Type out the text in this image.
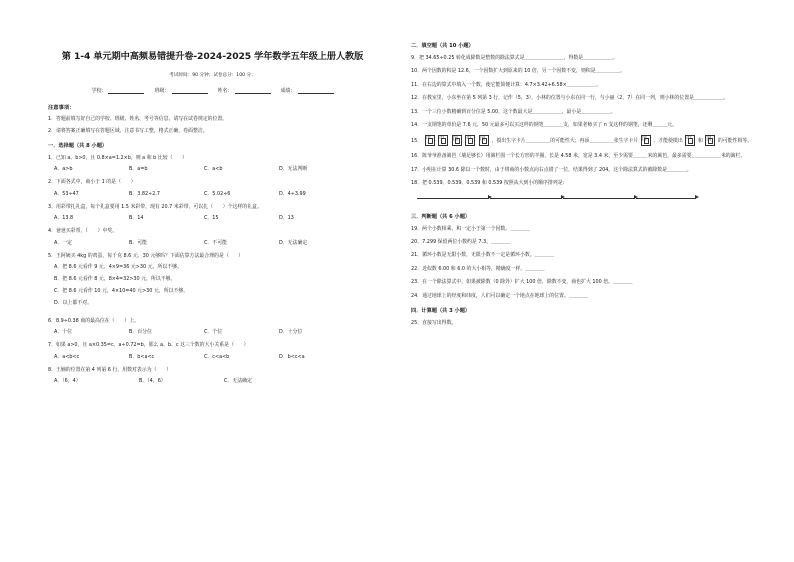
第 1-4 单元期中高频易错提升卷-2024-2025 学年数学五年级上册人教版
考试时间：90 分钟；试卷总分：100 分；
学校：	班级：	姓名：	成绩：
注意事项：
1．答题前填写好自己的学校、班级、姓名、考号等信息，请写在试卷规定的位置。
2．请将答案正确填写在答题区域，注意书写工整，格式正确，卷面整洁。
一．选择题（共 8 小题）
1．已知 a、b>0，且 0.8×a=1.2×b，则 a 和 b 比较（　　）
A．a>b	B．a=b	C．a<b	D．无法判断
2．下面各式中，商小于 1 的是（　　）
A．53÷47	B．3.82÷2.7	C．5.02÷6	D．4÷3.99
3．用彩带扎礼盒，每个礼盒要用 1.5 米彩带，现有 20.7 米彩带，可以扎（　　）个这样的礼盒。
A．13.8	B．14	C．15	D．13
4．爸爸买彩票，（　　）中奖。
A．一定	B．可能	C．不可能	D．无法确定
5．王阿姨买 4kg 的鸡蛋，每千克 8.6 元，30 元够吗？下面估算方法最合理的是（　　）
A．把 8.6 元看作 9 元，4×9=36 元>30 元，所以不够。
B．把 8.6 元看作 8 元，8×4=32>30 元，所以不够。
C．把 8.6 元看作 10 元，4×10=40 元>30 元，所以不够。
D．以上都不对。
6．8.9÷0.38 商的最高位在（　　）上。
A．十位	B．百分位	C．个位	D．十分位
7．如果 a>0，且 a×0.35=c，a÷0.72=b，那么 a、b、c 这三个数的大小关系是（　　）
A．a<b<c	B．b<a<c	C．c<a<b	D．b<c<a
8．王楠的位置在第 4 列第 6 行，用数对表示为（　　）
A．（6，4）	B．（4，6）	C．无法确定
二．填空题（共 10 小题）
9．把 34.65÷0.25 转化成除数是整数的除法算式是＿＿＿＿＿＿＿＿，得数是＿＿＿＿＿＿。
10．两个因数的积是 12.6，一个因数扩大到原来的 10 倍，另一个因数不变，则积是＿＿＿＿＿。
11．在右边的算式中填入一个数，使它能简便计算：4.7×3.42+6.58×＿＿＿＿＿＿。
12．在教室里，小东坐在第 5 列第 3 行，记作（5，3）。小林的位置与小东在同一行，与小丽（2，7）在同一列，则小林的位置是＿＿＿＿＿＿。
13．一个三位小数精确到百分位是 5.00，这个数最大是＿＿＿＿＿＿，最小是＿＿＿＿＿＿。
14．一支钢笔的单价是 7.6 元，50 元最多可以买这样的钢笔＿＿＿＿支，如果老师买了 n 支这样的钢笔，还剩＿＿＿元。
15． 中 中 国 中 国 ，摸出生字卡片＿＿＿＿＿的可能性大；再添＿＿＿＿＿张生字卡片 国 ，才能使摸出 中 和 国 的可能性相等。
16．陈爷爷准备篱笆（墙足够长）用篱栏围一个长方形的羊圈，长是 4.58 米，宽是 3.4 米，至少需要＿＿＿米的篱笆，最多需要＿＿＿＿＿＿米的篱栏。
17．小明在计算 30.6 除以一个数时，由于将商的小数点向右点错了一位，结果得到了 204。这个除法算式的被除数是＿＿＿＿。
18．把 0.539、0.539、0.539 和 0.539 按照从大到小的顺序排列是：
三．判断题（共 6 小题）
19．两个小数相乘，积一定小于第一个因数。＿＿＿＿
20．7.299 保留两位小数约是 7.3。＿＿＿＿
21．循环小数是无限小数，无限小数不一定是循环小数。＿＿＿＿
22．近似数 6.00 和 6.0 的大小相等，精确度一样。＿＿＿＿
23．在一个除法算式中，如果被除数（0 除外）扩大 100 倍，除数不变，商也扩大 100 倍。＿＿＿＿
24．通过地球上的经度和纬度，人们可以确定一个地点在地球上的位置。＿＿＿＿
四．计算题（共 3 小题）
25．直接写出得数。
